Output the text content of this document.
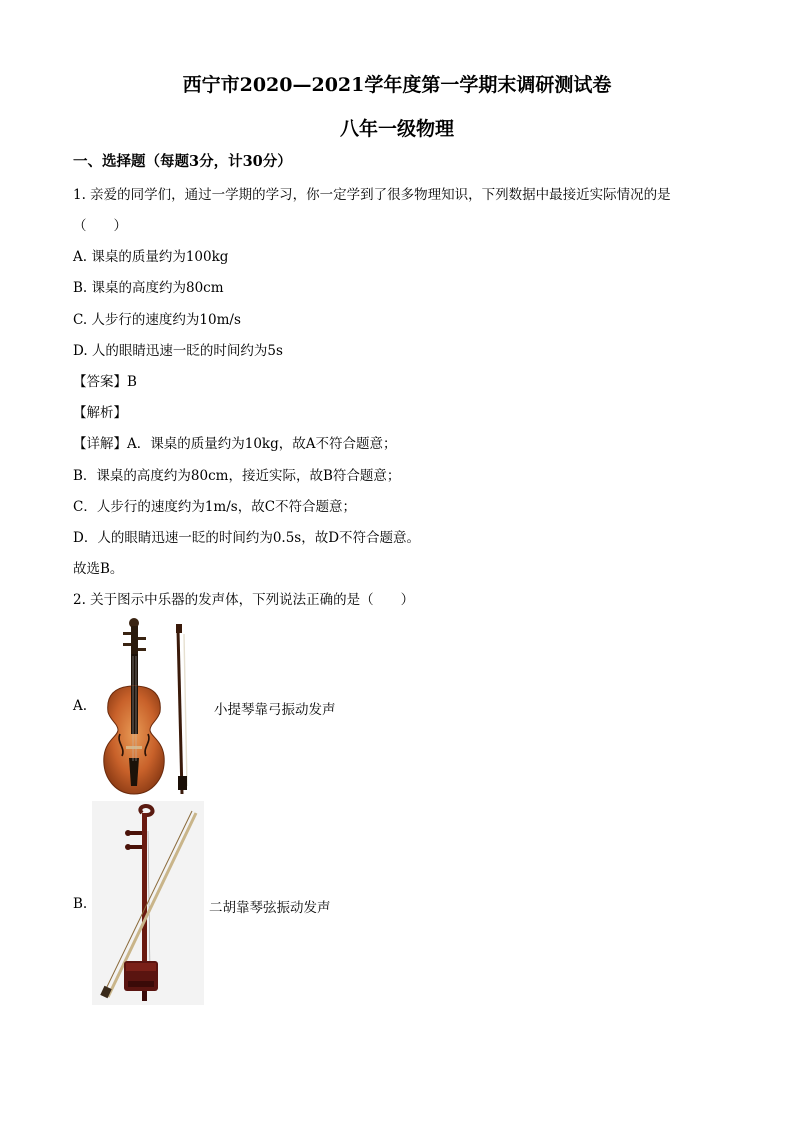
西宁市2020—2021学年度第一学期末调研测试卷
八年一级物理
一、选择题（每题3分，计30分）
1. 亲爱的同学们，通过一学期的学习，你一定学到了很多物理知识，下列数据中最接近实际情况的是
（　　）
A. 课桌的质量约为100kg
B. 课桌的高度约为80cm
C. 人步行的速度约为10m/s
D. 人的眼睛迅速一眨的时间约为5s
【答案】B
【解析】
【详解】A．课桌的质量约为10kg，故A不符合题意；
B．课桌的高度约为80cm，接近实际，故B符合题意；
C．人步行的速度约为1m/s，故C不符合题意；
D．人的眼睛迅速一眨的时间约为0.5s，故D不符合题意。
故选B。
2. 关于图示中乐器的发声体，下列说法正确的是（　　）
A.	小提琴靠弓振动发声
B.	二胡靠琴弦振动发声
